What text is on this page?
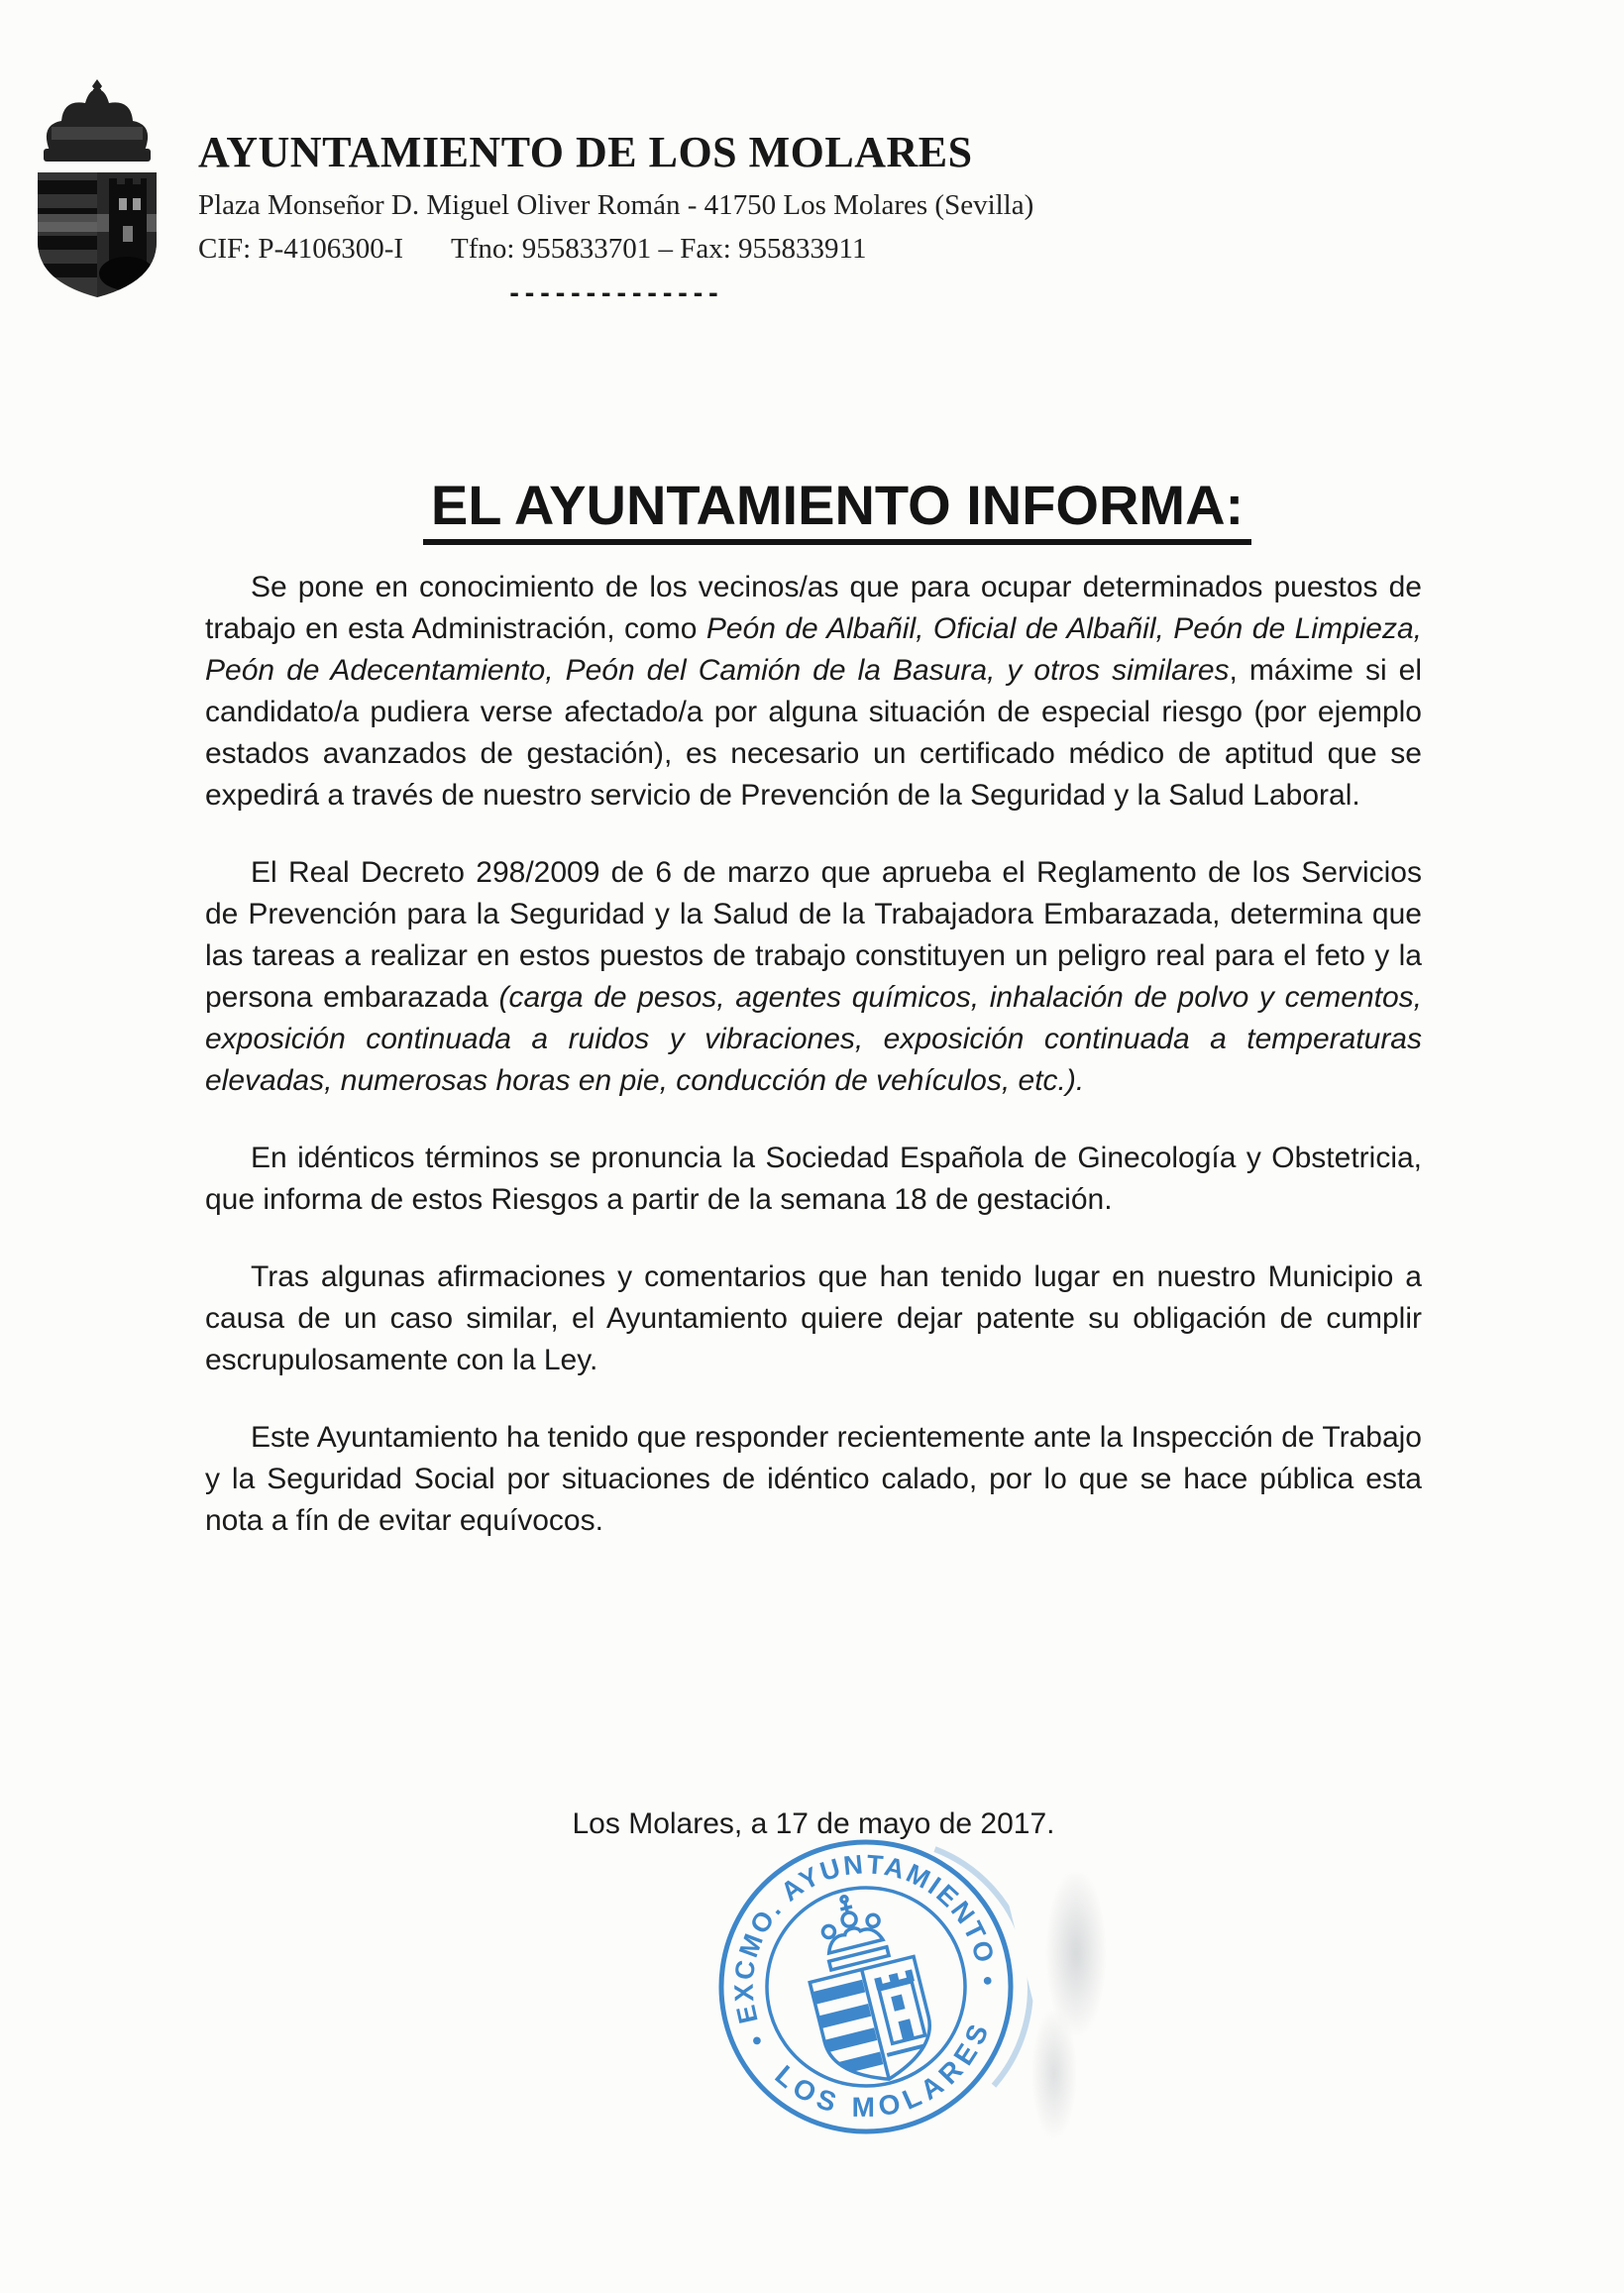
AYUNTAMIENTO DE LOS MOLARES
Plaza Monseñor D. Miguel Oliver Román - 41750 Los Molares (Sevilla)
CIF: P-4106300-I Tfno: 955833701 – Fax: 955833911
--------------
EL AYUNTAMIENTO INFORMA:

Se pone en conocimiento de los vecinos/as que para ocupar determinados puestos de trabajo en esta Administración, como Peón de Albañil, Oficial de Albañil, Peón de Limpieza, Peón de Adecentamiento, Peón del Camión de la Basura, y otros similares, máxime si el candidato/a pudiera verse afectado/a por alguna situación de especial riesgo (por ejemplo estados avanzados de gestación), es necesario un certificado médico de aptitud que se expedirá a través de nuestro servicio de Prevención de la Seguridad y la Salud Laboral.

El Real Decreto 298/2009 de 6 de marzo que aprueba el Reglamento de los Servicios de Prevención para la Seguridad y la Salud de la Trabajadora Embarazada, determina que las tareas a realizar en estos puestos de trabajo constituyen un peligro real para el feto y la persona embarazada (carga de pesos, agentes químicos, inhalación de polvo y cementos, exposición continuada a ruidos y vibraciones, exposición continuada a temperaturas elevadas, numerosas horas en pie, conducción de vehículos, etc.).

En idénticos términos se pronuncia la Sociedad Española de Ginecología y Obstetricia, que informa de estos Riesgos a partir de la semana 18 de gestación.

Tras algunas afirmaciones y comentarios que han tenido lugar en nuestro Municipio a causa de un caso similar, el Ayuntamiento quiere dejar patente su obligación de cumplir escrupulosamente con la Ley.

Este Ayuntamiento ha tenido que responder recientemente ante la Inspección de Trabajo y la Seguridad Social por situaciones de idéntico calado, por lo que se hace pública esta nota a fín de evitar equívocos.

Los Molares, a 17 de mayo de 2017.
• EXCMO. AYUNTAMIENTO •
LOS MOLARES
